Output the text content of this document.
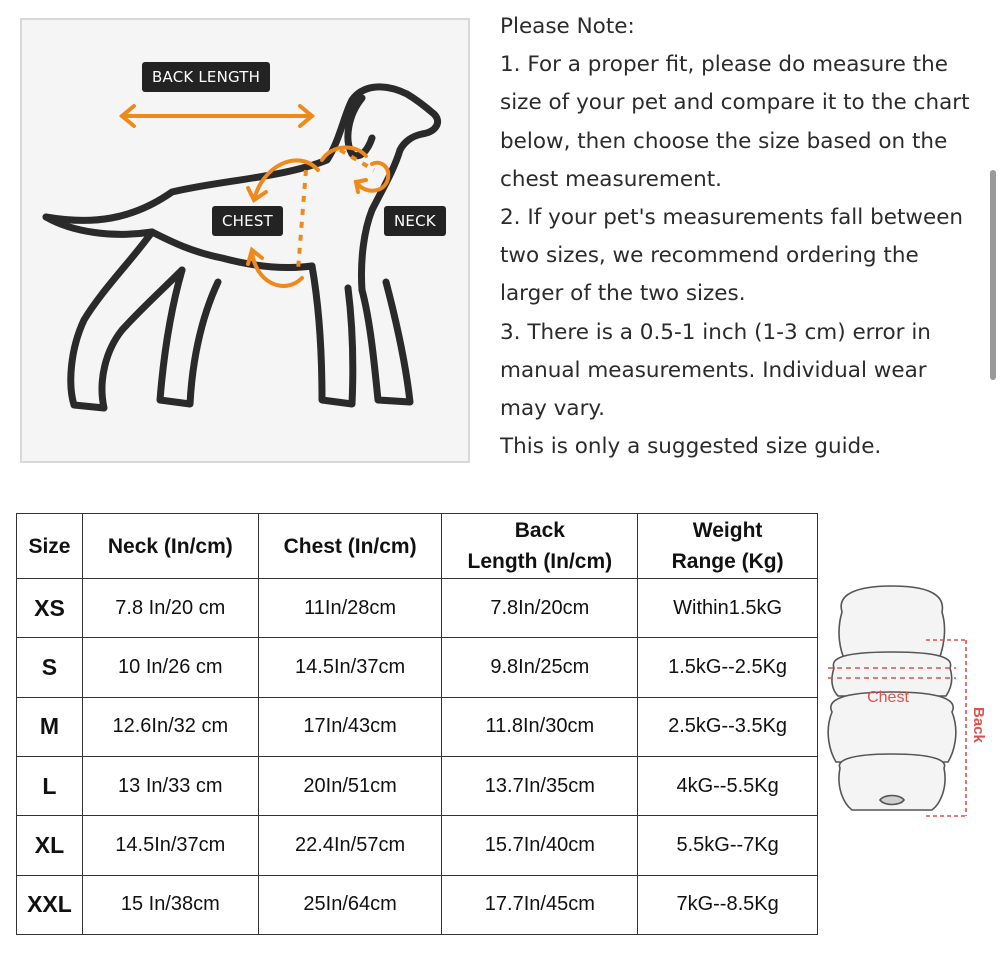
BACK LENGTH
CHEST	NECK

Please Note:

1. For a proper fit, please do measure the

size of your pet and compare it to the chart

below, then choose the size based on the

chest measurement.

2. If your pet's measurements fall between

two sizes, we recommend ordering the

larger of the two sizes.

3. There is a 0.5-1 inch (1-3 cm) error in

manual measurements. Individual wear

may vary.

This is only a suggested size guide.

Size	Neck (In/cm)	Chest (In/cm)	Back
Length (In/cm)	Weight
Range (Kg)
XS	7.8 In/20 cm	11In/28cm	7.8In/20cm	Within1.5kG
S	10 In/26 cm	14.5In/37cm	9.8In/25cm	1.5kG--2.5Kg
M	12.6In/32 cm	17In/43cm	11.8In/30cm	2.5kG--3.5Kg
L	13 In/33 cm	20In/51cm	13.7In/35cm	4kG--5.5Kg
XL	14.5In/37cm	22.4In/57cm	15.7In/40cm	5.5kG--7Kg
XXL	15 In/38cm	25In/64cm	17.7In/45cm	7kG--8.5Kg
Chest
Back
